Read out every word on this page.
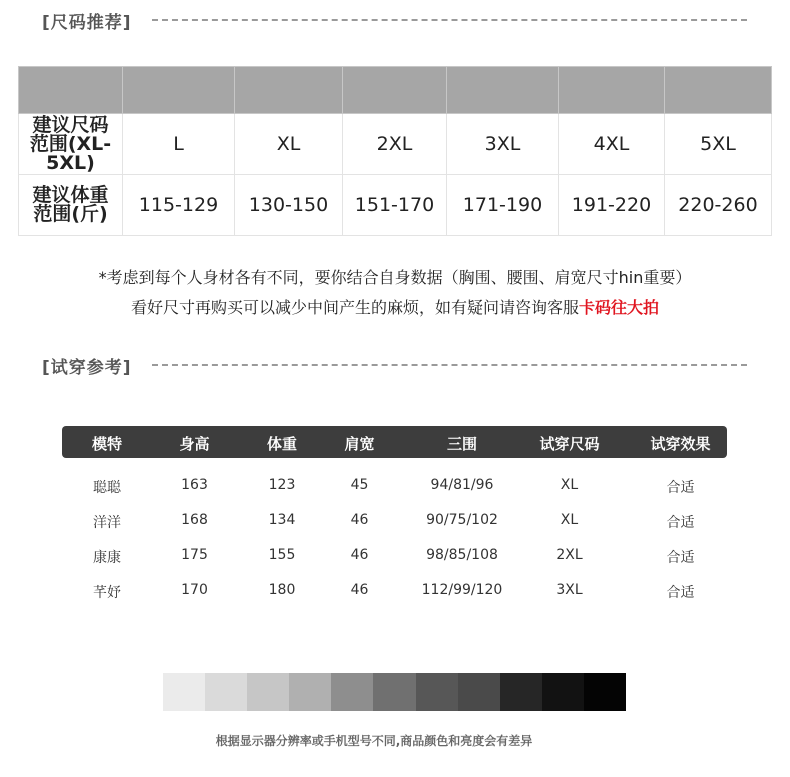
[尺码推荐]

建议尺码
范围(XL-5XL)	L	XL	2XL	3XL	4XL	5XL
建议体重
范围(斤)	115-129	130-150	151-170	171-190	191-220	220-260
*考虑到每个人身材各有不同，要你结合自身数据（胸围、腰围、肩宽尺寸hin重要）
看好尺寸再购买可以减少中间产生的麻烦，如有疑问请咨询客服卡码往大拍
[试穿参考]
模特	身高	体重	肩宽	三围	试穿尺码	试穿效果
聪聪	163	123	45	94/81/96	XL	合适
洋洋	168	134	46	90/75/102	XL	合适
康康	175	155	46	98/85/108	2XL	合适
芊妤	170	180	46	112/99/120	3XL	合适
根据显示器分辨率或手机型号不同,商品颜色和亮度会有差异
